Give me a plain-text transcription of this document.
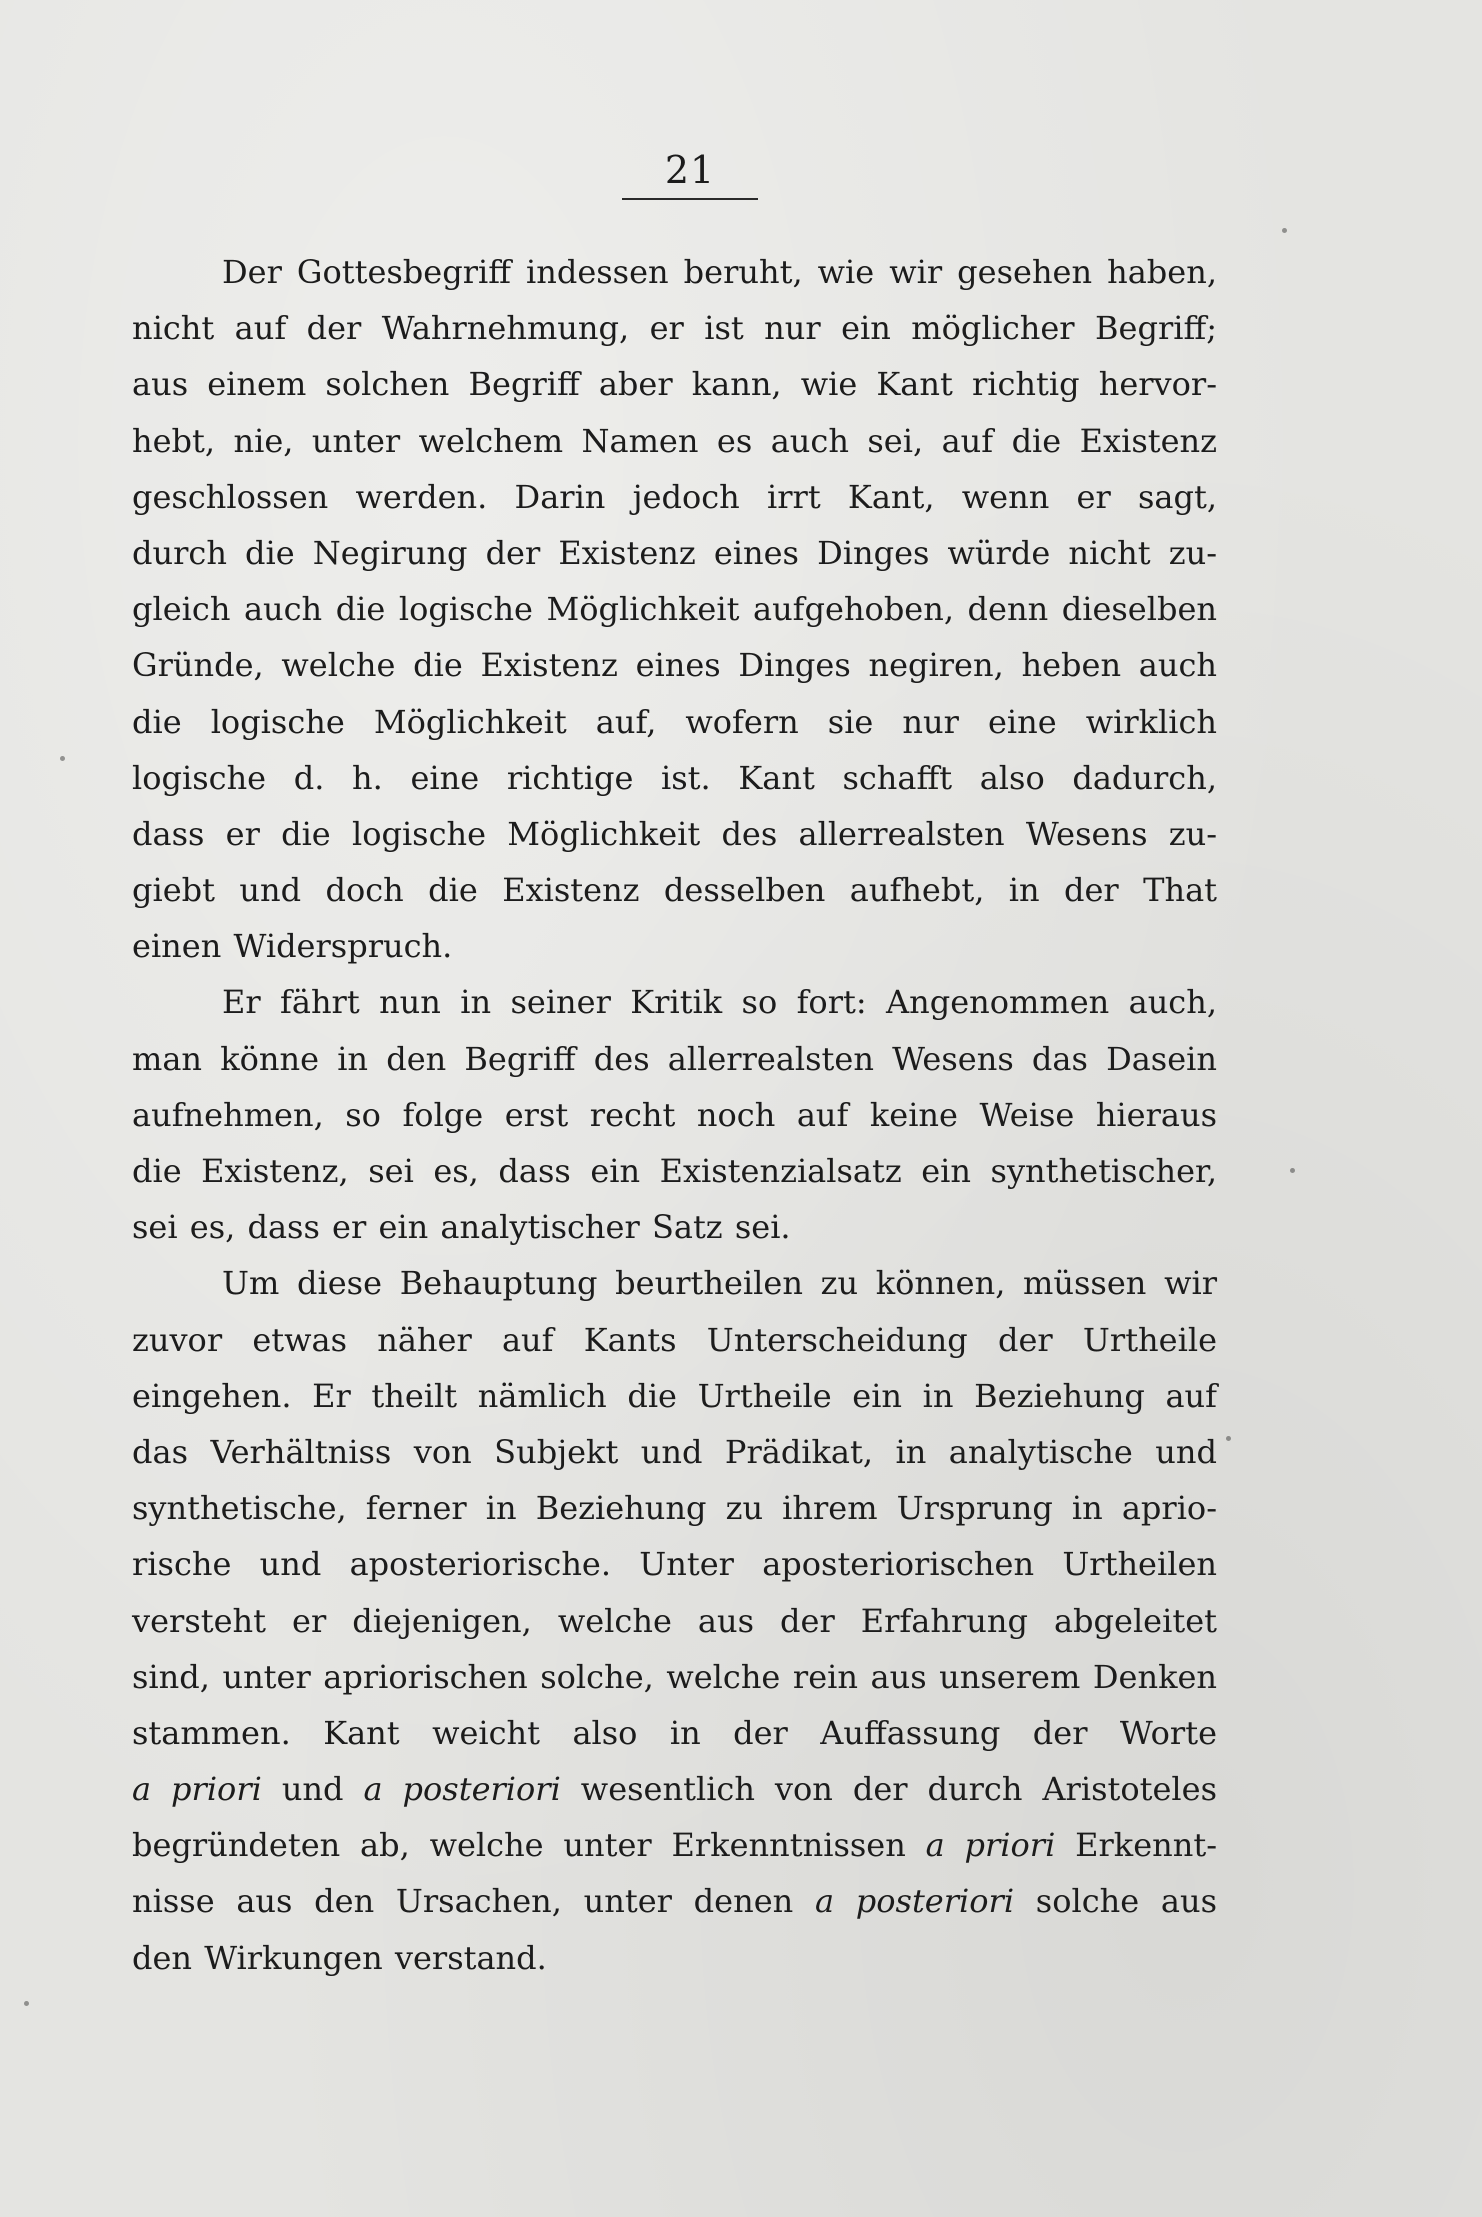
21
Der Gottesbegriff indessen beruht, wie wir gesehen haben,
nicht auf der Wahrnehmung, er ist nur ein möglicher Begriff;
aus einem solchen Begriff aber kann, wie Kant richtig hervor-
hebt, nie, unter welchem Namen es auch sei, auf die Existenz
geschlossen werden. Darin jedoch irrt Kant, wenn er sagt,
durch die Negirung der Existenz eines Dinges würde nicht zu-
gleich auch die logische Möglichkeit aufgehoben, denn dieselben
Gründe, welche die Existenz eines Dinges negiren, heben auch
die logische Möglichkeit auf, wofern sie nur eine wirklich
logische d. h. eine richtige ist. Kant schafft also dadurch,
dass er die logische Möglichkeit des allerrealsten Wesens zu-
giebt und doch die Existenz desselben aufhebt, in der That
einen Widerspruch.
Er fährt nun in seiner Kritik so fort: Angenommen auch,
man könne in den Begriff des allerrealsten Wesens das Dasein
aufnehmen, so folge erst recht noch auf keine Weise hieraus
die Existenz, sei es, dass ein Existenzialsatz ein synthetischer,
sei es, dass er ein analytischer Satz sei.
Um diese Behauptung beurtheilen zu können, müssen wir
zuvor etwas näher auf Kants Unterscheidung der Urtheile
eingehen. Er theilt nämlich die Urtheile ein in Beziehung auf
das Verhältniss von Subjekt und Prädikat, in analytische und
synthetische, ferner in Beziehung zu ihrem Ursprung in aprio-
rische und aposteriorische. Unter aposteriorischen Urtheilen
versteht er diejenigen, welche aus der Erfahrung abgeleitet
sind, unter apriorischen solche, welche rein aus unserem Denken
stammen. Kant weicht also in der Auffassung der Worte
a priori und a posteriori wesentlich von der durch Aristoteles
begründeten ab, welche unter Erkenntnissen a priori Erkennt-
nisse aus den Ursachen, unter denen a posteriori solche aus
den Wirkungen verstand.
